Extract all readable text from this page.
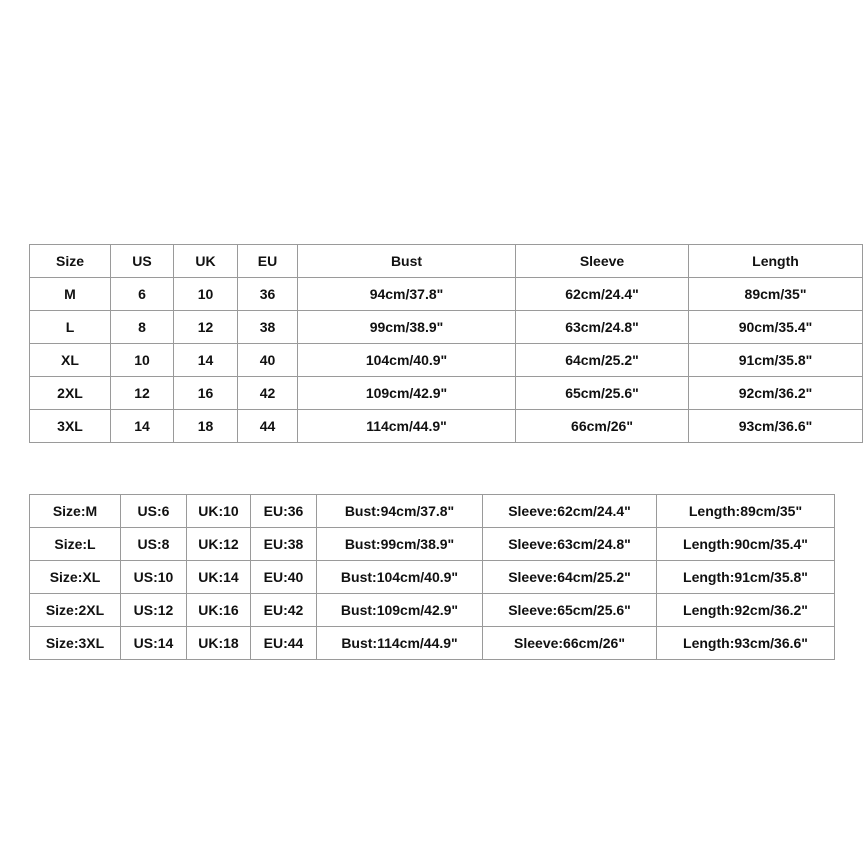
Size	US	UK	EU	Bust	Sleeve	Length
M	6	10	36	94cm/37.8"	62cm/24.4"	89cm/35"
L	8	12	38	99cm/38.9"	63cm/24.8"	90cm/35.4"
XL	10	14	40	104cm/40.9"	64cm/25.2"	91cm/35.8"
2XL	12	16	42	109cm/42.9"	65cm/25.6"	92cm/36.2"
3XL	14	18	44	114cm/44.9"	66cm/26"	93cm/36.6"
Size:M	US:6	UK:10	EU:36	Bust:94cm/37.8"	Sleeve:62cm/24.4"	Length:89cm/35"
Size:L	US:8	UK:12	EU:38	Bust:99cm/38.9"	Sleeve:63cm/24.8"	Length:90cm/35.4"
Size:XL	US:10	UK:14	EU:40	Bust:104cm/40.9"	Sleeve:64cm/25.2"	Length:91cm/35.8"
Size:2XL	US:12	UK:16	EU:42	Bust:109cm/42.9"	Sleeve:65cm/25.6"	Length:92cm/36.2"
Size:3XL	US:14	UK:18	EU:44	Bust:114cm/44.9"	Sleeve:66cm/26"	Length:93cm/36.6"
